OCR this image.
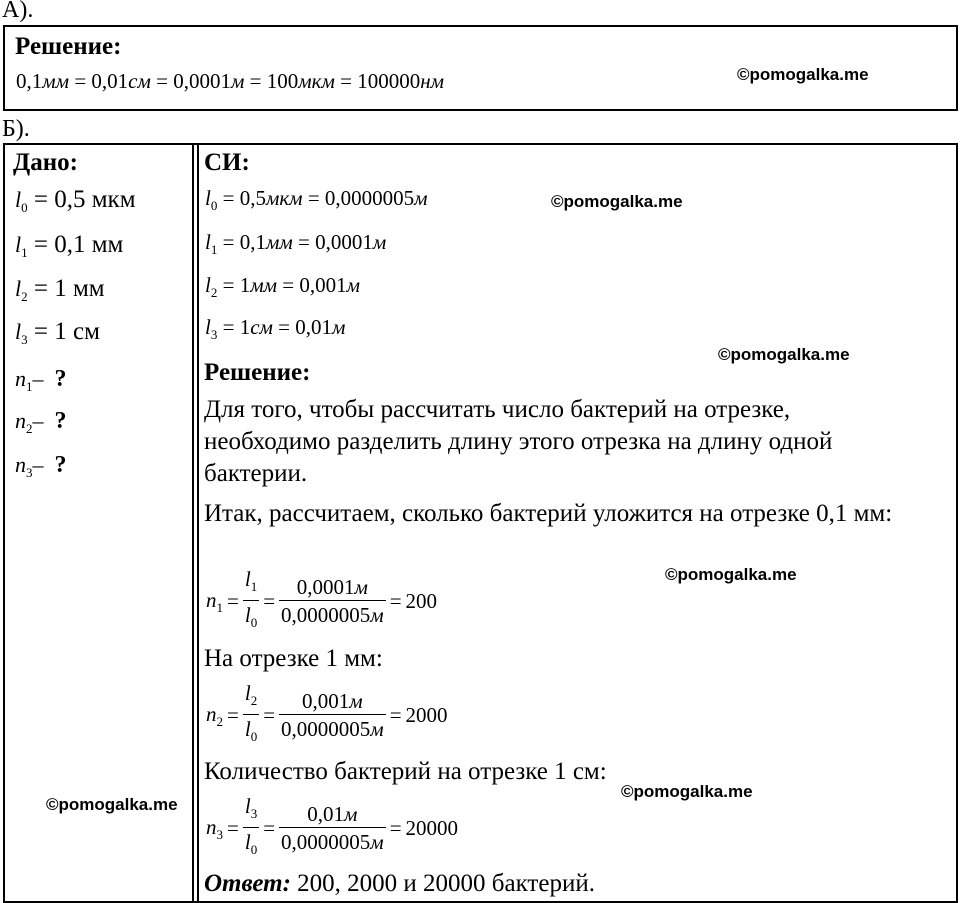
А).
Решение:
0,1мм = 0,01см = 0,0001м = 100мкм = 100000нм	©pomogalka.me
Б).
Дано:
$l_0 = 0,5$ мкм
$l_1 = 0,1$ мм
$l_2 = 1$ мм
$l_3 = 1$ см
$n_1-$  ?
$n_2-$  ?
$n_3-$  ?
©pomogalka.me
СИ:
$l_0 = 0,5мкм = 0,0000005м$
$l_1 = 0,1мм = 0,0001м$
$l_2 = 1мм = 0,001м$
$l_3 = 1см = 0,01м$
©pomogalka.me
©pomogalka.me
Решение:
Для того, чтобы рассчитать число бактерий на отрезке, необходимо разделить длину этого отрезка на длину одной бактерии.
Итак, рассчитаем, сколько бактерий уложится на отрезке 0,1 мм:
©pomogalka.me
$n_1 = \frac{l_1}{l_0} = \frac{0,0001м}{0,0000005м} = 200$
На отрезке 1 мм:
$n_2 = \frac{l_2}{l_0} = \frac{0,001м}{0,0000005м} = 2000$
Количество бактерий на отрезке 1 см:
©pomogalka.me
$n_3 = \frac{l_3}{l_0} = \frac{0,01м}{0,0000005м} = 20000$
Ответ: 200, 2000 и 20000 бактерий.
